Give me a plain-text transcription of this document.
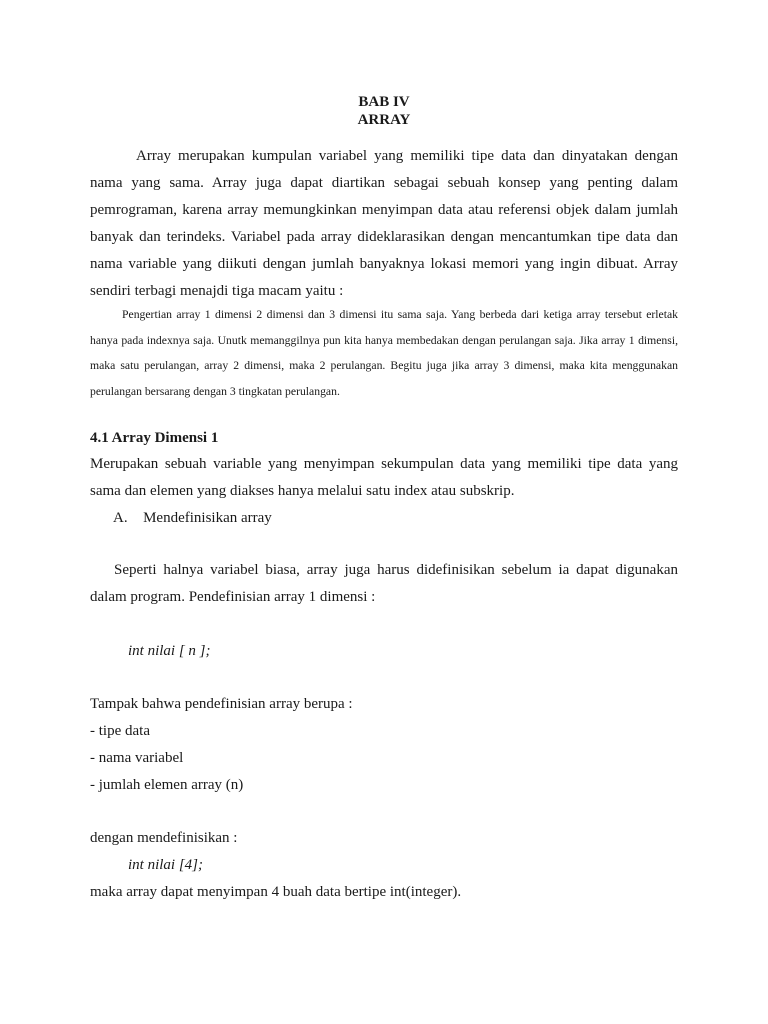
BAB IV

ARRAY

Array merupakan kumpulan variabel yang memiliki tipe data dan dinyatakan dengan nama yang sama. Array juga dapat diartikan sebagai sebuah konsep yang penting dalam pemrograman, karena array memungkinkan menyimpan data atau referensi objek dalam jumlah banyak dan terindeks. Variabel pada array dideklarasikan dengan mencantumkan tipe data dan nama variable yang diikuti dengan jumlah banyaknya lokasi memori yang ingin dibuat. Array sendiri terbagi menajdi tiga macam yaitu :

Pengertian array 1 dimensi 2 dimensi dan 3 dimensi itu sama saja. Yang berbeda dari ketiga array tersebut erletak hanya pada indexnya saja. Unutk memanggilnya pun kita hanya membedakan dengan perulangan saja. Jika array 1 dimensi, maka satu perulangan, array 2 dimensi, maka 2 perulangan. Begitu juga jika array 3 dimensi, maka kita menggunakan perulangan bersarang dengan 3 tingkatan perulangan.

4.1 Array Dimensi 1

Merupakan sebuah variable yang menyimpan sekumpulan data yang memiliki tipe data yang sama dan elemen yang diakses hanya melalui satu index atau subskrip.

A. Mendefinisikan array

Seperti halnya variabel biasa, array juga harus didefinisikan sebelum ia dapat digunakan dalam program. Pendefinisian array 1 dimensi :

int nilai [ n ];

Tampak bahwa pendefinisian array berupa :

- tipe data

- nama variabel

- jumlah elemen array (n)

dengan mendefinisikan :

int nilai [4];

maka array dapat menyimpan 4 buah data bertipe int(integer).
